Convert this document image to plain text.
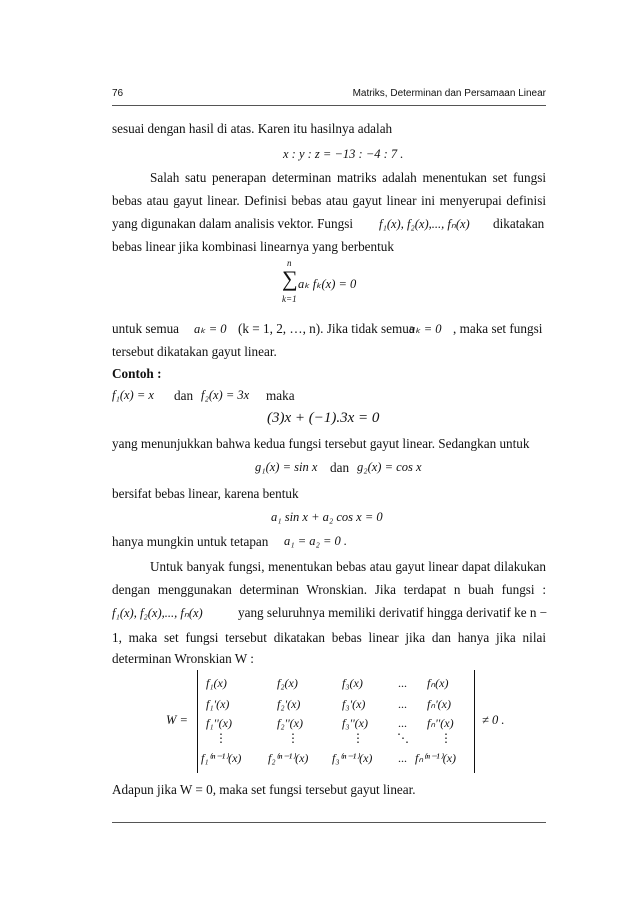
76	Matriks, Determinan dan Persamaan Linear
sesuai dengan hasil di atas. Karen itu hasilnya adalah
x : y : z = −13 : −4 : 7 .
Salah satu penerapan determinan matriks adalah menentukan set fungsi
bebas atau gayut linear. Definisi bebas atau gayut linear ini menyerupai definisi
yang digunakan dalam analisis vektor. Fungsi f₁(x), f₂(x),..., fₙ(x) dikatakan
bebas linear jika kombinasi linearnya yang berbentuk
n
∑
k=1
aₖ fₖ(x) = 0
untuk semua aₖ = 0 (k = 1, 2, …, n). Jika tidak semua
aₖ = 0 , maka set fungsi
tersebut dikatakan gayut linear.
Contoh :
f₁(x) = x dan f₂(x) = 3x maka
(3)x + (−1).3x = 0
yang menunjukkan bahwa kedua fungsi tersebut gayut linear. Sedangkan untuk
g₁(x) = sin x dan g₂(x) = cos x
bersifat bebas linear, karena bentuk
a₁ sin x + a₂ cos x = 0
hanya mungkin untuk tetapan a₁ = a₂ = 0 .
Untuk banyak fungsi, menentukan bebas atau gayut linear dapat dilakukan
dengan menggunakan determinan Wronskian. Jika terdapat n buah fungsi :
f₁(x), f₂(x),..., fₙ(x)	yang seluruhnya memiliki derivatif hingga derivatif ke n −
1, maka set fungsi tersebut dikatakan bebas linear jika dan hanya jika nilai
determinan Wronskian W :
W =	≠ 0 .
f₁(x)	f₂(x)	f₃(x)	... fₙ(x)
f₁'(x)	f₂'(x)	f₃'(x)	... fₙ'(x)
f₁''(x)	f₂''(x)	f₃''(x)	... fₙ''(x)
⋮	⋮	⋮	⋱	⋮
f₁⁽ⁿ⁻¹⁾(x) f₂⁽ⁿ⁻¹⁾(x) f₃⁽ⁿ⁻¹⁾(x) ... fₙ⁽ⁿ⁻¹⁾(x)
Adapun jika W = 0, maka set fungsi tersebut gayut linear.
